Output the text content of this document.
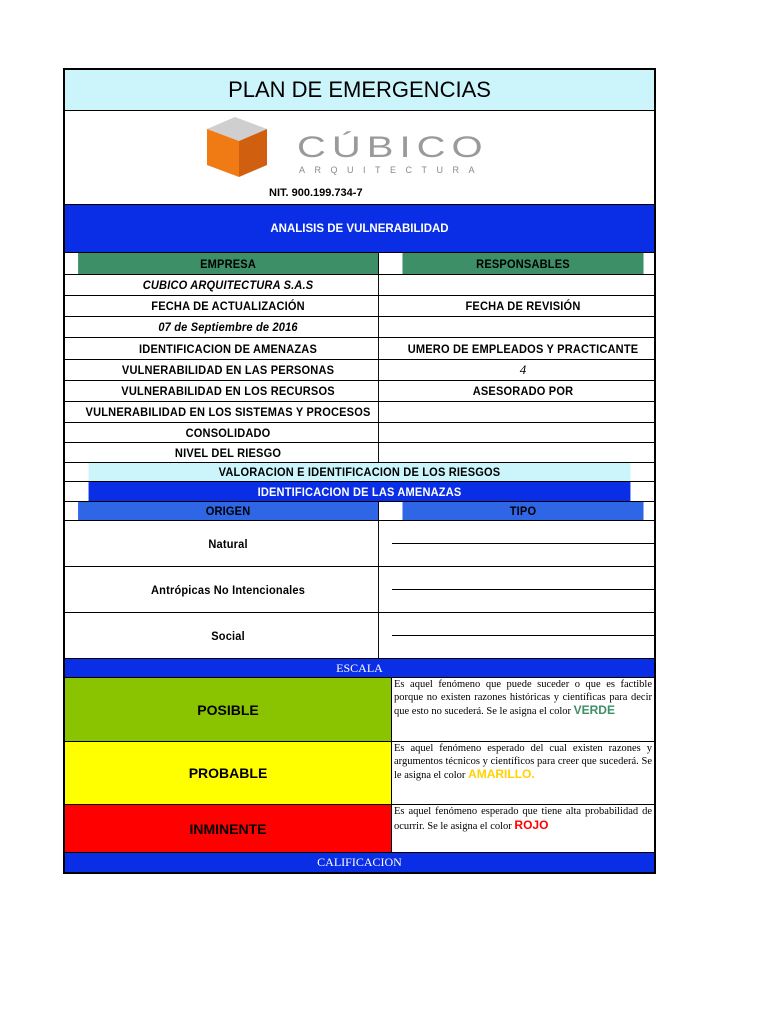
PLAN DE EMERGENCIAS
CÚBICO
ARQUITECTURA
NIT. 900.199.734-7
ANALISIS DE VULNERABILIDAD
EMPRESA	RESPONSABLES
CUBICO ARQUITECTURA S.A.S
FECHA DE ACTUALIZACIÓN	FECHA DE REVISIÓN
07 de Septiembre de 2016
IDENTIFICACION DE AMENAZAS	UMERO DE EMPLEADOS Y PRACTICANTE
VULNERABILIDAD EN LAS PERSONAS	4
VULNERABILIDAD EN LOS RECURSOS	ASESORADO POR
VULNERABILIDAD EN LOS SISTEMAS Y PROCESOS
CONSOLIDADO
NIVEL DEL RIESGO
VALORACION E IDENTIFICACION DE LOS RIESGOS
IDENTIFICACION DE LAS AMENAZAS
ORIGEN	TIPO
Natural
Antrópicas No Intencionales
Social
ESCALA
POSIBLE
Es aquel fenómeno que puede suceder o que es factible porque no existen razones históricas y científicas para decir que esto no sucederá. Se le asigna el color VERDE
PROBABLE
Es aquel fenómeno esperado del cual existen razones y argumentos técnicos y científicos para creer que sucederá. Se le asigna el color AMARILLO.
INMINENTE
Es aquel fenómeno esperado que tiene alta probabilidad de ocurrir. Se le asigna el color ROJO
CALIFICACION
